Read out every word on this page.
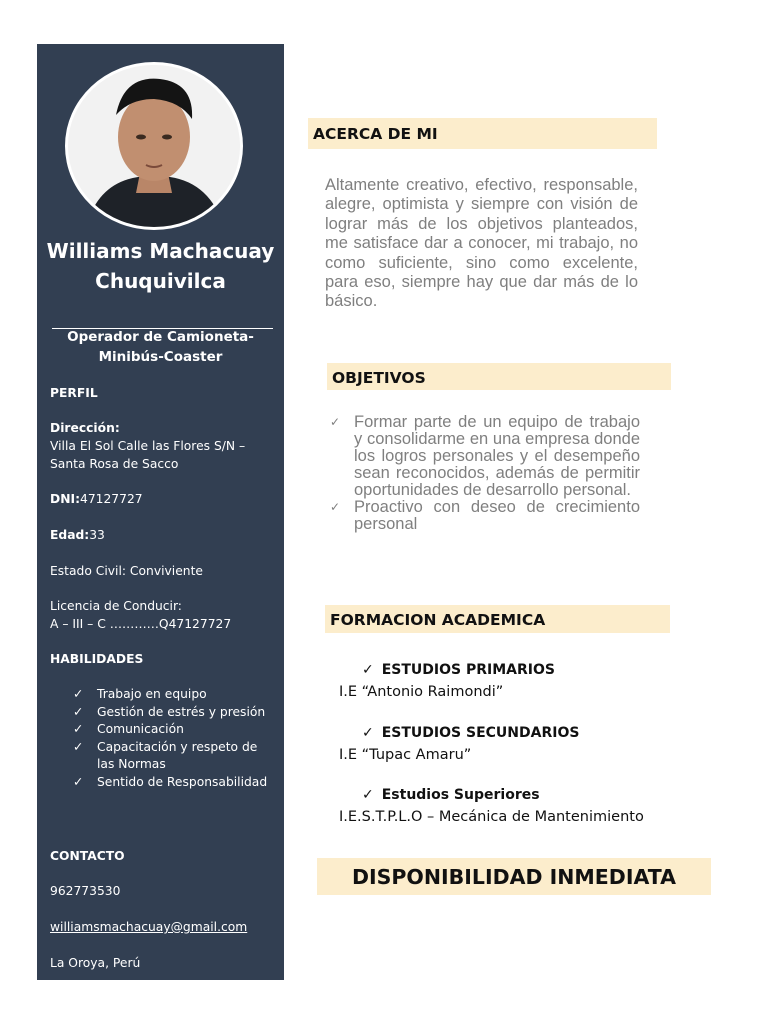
Williams Machacuay Chuquivilca
Operador de Camioneta-Minibús-Coaster
PERFIL
Dirección:
Villa El Sol Calle las Flores S/N – Santa Rosa de Sacco
DNI:47127727
Edad:33
Estado Civil: Conviviente
Licencia de Conducir:
A – III – C …………Q47127727
HABILIDADES
✓ Trabajo en equipo
✓ Gestión de estrés y presión
✓ Comunicación
✓ Capacitación y respeto de las Normas
✓ Sentido de Responsabilidad
CONTACTO
962773530
williamsmachacuay@gmail.com
La Oroya, Perú
ACERCA DE MI
Altamente creativo, efectivo, responsable, alegre, optimista y siempre con visión de lograr más de los objetivos planteados, me satisface dar a conocer, mi trabajo, no como suficiente, sino como excelente, para eso, siempre hay que dar más de lo básico.
OBJETIVOS
✓ Formar parte de un equipo de trabajo y consolidarme en una empresa donde los logros personales y el desempeño sean reconocidos, además de permitir oportunidades de desarrollo personal.
✓ Proactivo con deseo de crecimiento personal
FORMACION ACADEMICA
✓ ESTUDIOS PRIMARIOS
I.E “Antonio Raimondi”
✓ ESTUDIOS SECUNDARIOS
I.E “Tupac Amaru”
✓ Estudios Superiores
I.E.S.T.P.L.O – Mecánica de Mantenimiento
DISPONIBILIDAD INMEDIATA
